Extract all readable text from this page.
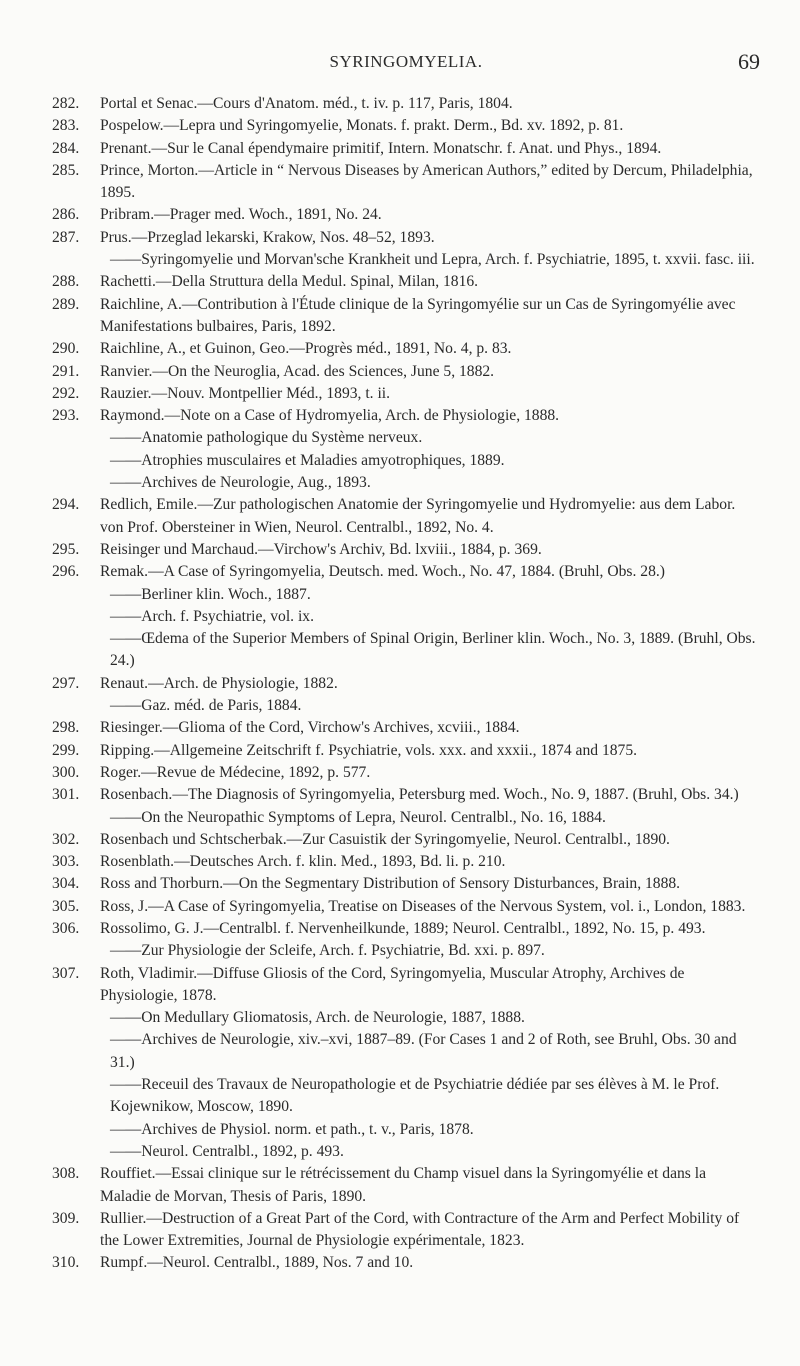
SYRINGOMYELIA.	69
282. Portal et Senac.—Cours d'Anatom. méd., t. iv. p. 117, Paris, 1804.
283. Pospelow.—Lepra und Syringomyelie, Monats. f. prakt. Derm., Bd. xv. 1892, p. 81.
284. Prenant.—Sur le Canal épendymaire primitif, Intern. Monatschr. f. Anat. und Phys., 1894.
285. Prince, Morton.—Article in “ Nervous Diseases by American Authors,” edited by Dercum, Philadelphia, 1895.
286. Pribram.—Prager med. Woch., 1891, No. 24.
287. Prus.—Przeglad lekarski, Krakow, Nos. 48–52, 1893.
——Syringomyelie und Morvan'sche Krankheit und Lepra, Arch. f. Psychiatrie, 1895, t. xxvii. fasc. iii.
288. Rachetti.—Della Struttura della Medul. Spinal, Milan, 1816.
289. Raichline, A.—Contribution à l'Étude clinique de la Syringomyélie sur un Cas de Syringomyélie avec Manifestations bulbaires, Paris, 1892.
290. Raichline, A., et Guinon, Geo.—Progrès méd., 1891, No. 4, p. 83.
291. Ranvier.—On the Neuroglia, Acad. des Sciences, June 5, 1882.
292. Rauzier.—Nouv. Montpellier Méd., 1893, t. ii.
293. Raymond.—Note on a Case of Hydromyelia, Arch. de Physiologie, 1888.
——Anatomie pathologique du Système nerveux.
——Atrophies musculaires et Maladies amyotrophiques, 1889.
——Archives de Neurologie, Aug., 1893.
294. Redlich, Emile.—Zur pathologischen Anatomie der Syringomyelie und Hydromyelie: aus dem Labor. von Prof. Obersteiner in Wien, Neurol. Centralbl., 1892, No. 4.
295. Reisinger und Marchaud.—Virchow's Archiv, Bd. lxviii., 1884, p. 369.
296. Remak.—A Case of Syringomyelia, Deutsch. med. Woch., No. 47, 1884. (Bruhl, Obs. 28.)
——Berliner klin. Woch., 1887.
——Arch. f. Psychiatrie, vol. ix.
——Œdema of the Superior Members of Spinal Origin, Berliner klin. Woch., No. 3, 1889. (Bruhl, Obs. 24.)
297. Renaut.—Arch. de Physiologie, 1882.
——Gaz. méd. de Paris, 1884.
298. Riesinger.—Glioma of the Cord, Virchow's Archives, xcviii., 1884.
299. Ripping.—Allgemeine Zeitschrift f. Psychiatrie, vols. xxx. and xxxii., 1874 and 1875.
300. Roger.—Revue de Médecine, 1892, p. 577.
301. Rosenbach.—The Diagnosis of Syringomyelia, Petersburg med. Woch., No. 9, 1887. (Bruhl, Obs. 34.)
——On the Neuropathic Symptoms of Lepra, Neurol. Centralbl., No. 16, 1884.
302. Rosenbach und Schtscherbak.—Zur Casuistik der Syringomyelie, Neurol. Centralbl., 1890.
303. Rosenblath.—Deutsches Arch. f. klin. Med., 1893, Bd. li. p. 210.
304. Ross and Thorburn.—On the Segmentary Distribution of Sensory Disturbances, Brain, 1888.
305. Ross, J.—A Case of Syringomyelia, Treatise on Diseases of the Nervous System, vol. i., London, 1883.
306. Rossolimo, G. J.—Centralbl. f. Nervenheilkunde, 1889; Neurol. Centralbl., 1892, No. 15, p. 493.
——Zur Physiologie der Scleife, Arch. f. Psychiatrie, Bd. xxi. p. 897.
307. Roth, Vladimir.—Diffuse Gliosis of the Cord, Syringomyelia, Muscular Atrophy, Archives de Physiologie, 1878.
——On Medullary Gliomatosis, Arch. de Neurologie, 1887, 1888.
——Archives de Neurologie, xiv.–xvi, 1887–89. (For Cases 1 and 2 of Roth, see Bruhl, Obs. 30 and 31.)
——Receuil des Travaux de Neuropathologie et de Psychiatrie dédiée par ses élèves à M. le Prof. Kojewnikow, Moscow, 1890.
——Archives de Physiol. norm. et path., t. v., Paris, 1878.
——Neurol. Centralbl., 1892, p. 493.
308. Rouffiet.—Essai clinique sur le rétrécissement du Champ visuel dans la Syringomyélie et dans la Maladie de Morvan, Thesis of Paris, 1890.
309. Rullier.—Destruction of a Great Part of the Cord, with Contracture of the Arm and Perfect Mobility of the Lower Extremities, Journal de Physiologie expérimentale, 1823.
310. Rumpf.—Neurol. Centralbl., 1889, Nos. 7 and 10.
